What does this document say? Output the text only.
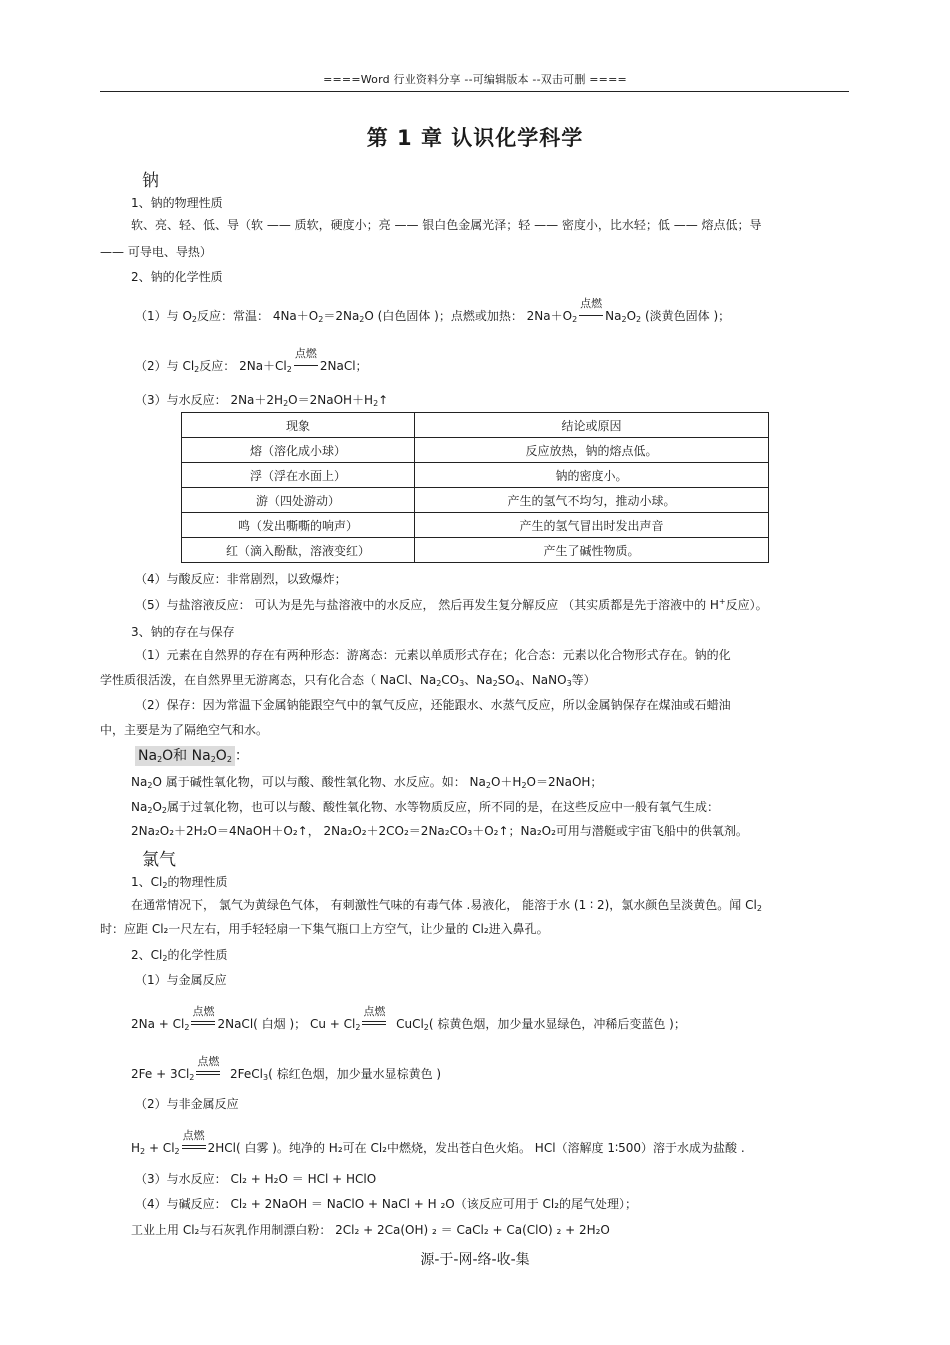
====Word 行业资料分享 --可编辑版本 --双击可删 ====
第 1 章 认识化学科学
钠
1、钠的物理性质
软、亮、轻、低、导（软 —— 质软，硬度小；亮 —— 银白色金属光泽；轻 —— 密度小，比水轻；低 —— 熔点低；导
—— 可导电、导热）
2、钠的化学性质
（1）与 $O_2$反应：常温： $4Na+O_2=2Na_2O$ (白色固体 )；点燃或加热： $2Na+O_2$
点燃
$Na_2O_2$ (淡黄色固体 )；
（2）与 $Cl_2$反应： $2Na+Cl_2$
点燃
2NaCl；
（3）与水反应： $2Na+2H_2O=2NaOH+H_2↑$
现象	结论或原因
熔（溶化成小球）	反应放热，钠的熔点低。
浮（浮在水面上）	钠的密度小。
游（四处游动）	产生的氢气不均匀，推动小球。
鸣（发出嘶嘶的响声）	产生的氢气冒出时发出声音
红（滴入酚酞，溶液变红）	产生了碱性物质。
（4）与酸反应：非常剧烈，以致爆炸；
（5）与盐溶液反应： 可认为是先与盐溶液中的水反应， 然后再发生复分解反应 （其实质都是先于溶液中的 H+反应）。
3、钠的存在与保存
（1）元素在自然界的存在有两种形态：游离态：元素以单质形式存在；化合态：元素以化合物形式存在。钠的化
学性质很活泼，在自然界里无游离态，只有化合态（ NaCl、$Na_2CO_3$、$Na_2SO_4$、NaNO$_3$等）
（2）保存：因为常温下金属钠能跟空气中的氧气反应，还能跟水、水蒸气反应，所以金属钠保存在煤油或石蜡油
中，主要是为了隔绝空气和水。
$Na_2O$和 $Na_2O_2$ ：
$Na_2O$ 属于碱性氧化物，可以与酸、酸性氧化物、水反应。如： $Na_2O+H_2O=2NaOH$；
$Na_2O_2$属于过氧化物，也可以与酸、酸性氧化物、水等物质反应，所不同的是，在这些反应中一般有氧气生成：
2Na₂O₂＋2H₂O＝4NaOH＋O₂↑， 2Na₂O₂＋2CO₂＝2Na₂CO₃＋O₂↑；Na₂O₂可用与潜艇或宇宙飞船中的供氧剂。
氯气
1、$Cl_2$的物理性质
在通常情况下， 氯气为黄绿色气体， 有刺激性气味的有毒气体 .易液化， 能溶于水 (1 ∶ 2)，氯水颜色呈淡黄色。闻 $Cl_2$
时：应距 Cl₂一尺左右，用手轻轻扇一下集气瓶口上方空气，让少量的 Cl₂进入鼻孔。
2、$Cl_2$的化学性质
（1）与金属反应
$2Na + Cl_2$
点燃
2NaCl( 白烟 )； $Cu + Cl_2$
点燃
CuCl$_2$( 棕黄色烟，加少量水显绿色，冲稀后变蓝色 )；
$2Fe + 3Cl_2$
点燃
2FeCl$_3$( 棕红色烟，加少量水显棕黄色 )
（2）与非金属反应
$H_2 + Cl_2$
点燃
2HCl( 白雾 )。纯净的 H₂可在 Cl₂中燃烧，发出苍白色火焰。 HCl（溶解度 1∶500）溶于水成为盐酸 .
（3）与水反应： Cl₂ + H₂O ＝ HCl + HClO
（4）与碱反应： Cl₂ + 2NaOH ＝ NaClO + NaCl + H ₂O（该反应可用于 Cl₂的尾气处理）；
工业上用 Cl₂与石灰乳作用制漂白粉： 2Cl₂ + 2Ca(OH) ₂ ＝ CaCl₂ + Ca(ClO) ₂ + 2H₂O
源-于-网-络-收-集
